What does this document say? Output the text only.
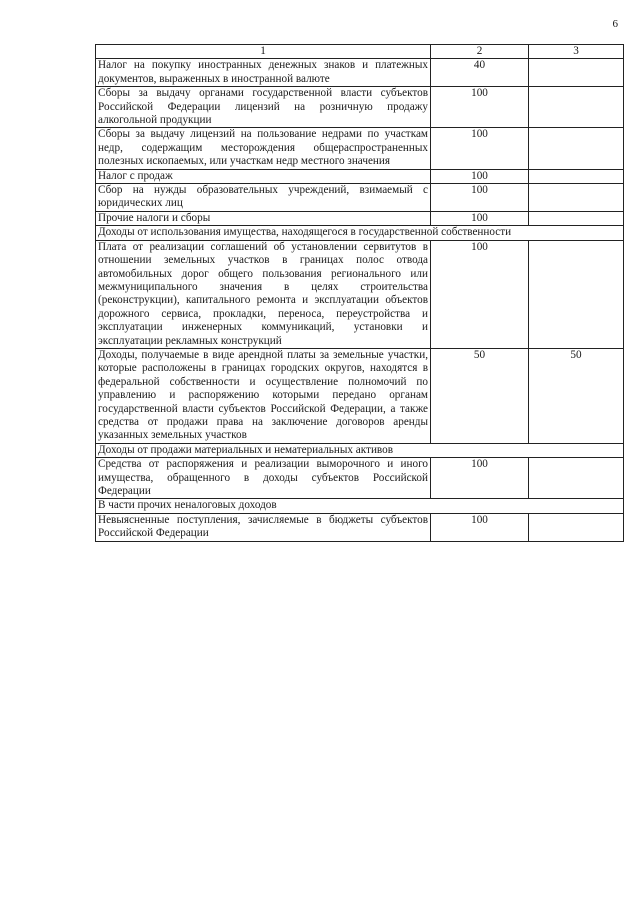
6
1	2	3
Налог на покупку иностранных денежных знаков и платежных документов, выраженных в иностранной валюте	40	
Сборы за выдачу органами государственной власти субъектов Российской Федерации лицензий на розничную продажу алкогольной продукции	100	
Сборы за выдачу лицензий на пользование недрами по участкам недр, содержащим месторождения общераспространенных полезных ископаемых, или участкам недр местного значения	100	
Налог с продаж	100	
Сбор на нужды образовательных учреждений, взимаемый с юридических лиц	100	
Прочие налоги и сборы	100	
Доходы от использования имущества, находящегося в государственной собственности		
Плата от реализации соглашений об установлении сервитутов в отношении земельных участков в границах полос отвода автомобильных дорог общего пользования регионального или межмуниципального значения в целях строительства (реконструкции), капитального ремонта и эксплуатации объектов дорожного сервиса, прокладки, переноса, переустройства и эксплуатации инженерных коммуникаций, установки и эксплуатации рекламных конструкций	100	
Доходы, получаемые в виде арендной платы за земельные участки, которые расположены в границах городских округов, находятся в федеральной собственности и осуществление полномочий по управлению и распоряжению которыми передано органам государственной власти субъектов Российской Федерации, а также средства от продажи права на заключение договоров аренды указанных земельных участков	50	50
Доходы от продажи материальных и нематериальных активов		
Средства от распоряжения и реализации выморочного и иного имущества, обращенного в доходы субъектов Российской Федерации	100	
В части прочих неналоговых доходов		
Невыясненные поступления, зачисляемые в бюджеты субъектов Российской Федерации	100	
